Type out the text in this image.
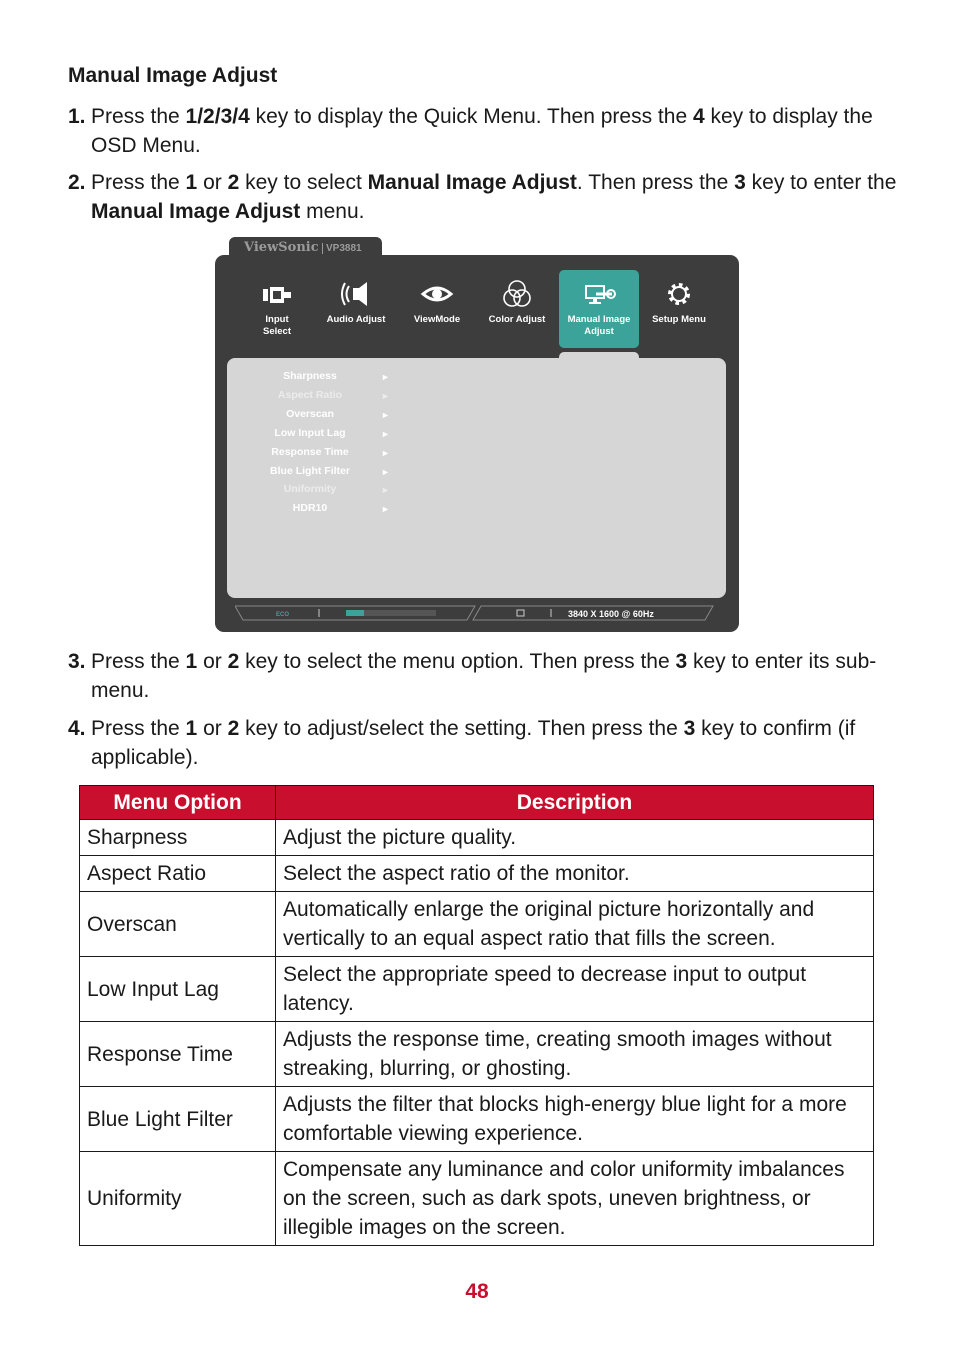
Manual Image Adjust
1. Press the 1/2/3/4 key to display the Quick Menu. Then press the 4 key to display the OSD Menu.
2. Press the 1 or 2 key to select Manual Image Adjust. Then press the 3 key to enter the Manual Image Adjust menu.
ViewSonic VP3881
Input
Select
Audio Adjust	ViewMode	Color Adjust	Manual Image
Adjust
Setup Menu
Sharpness	►
Aspect Ratio	►
Overscan	►
Low Input Lag	►
Response Time	►
Blue Light Filter	►
Uniformity	►
HDR10	►
ECO	3840 X 1600 @ 60Hz
3. Press the 1 or 2 key to select the menu option. Then press the 3 key to enter its sub-menu.
4. Press the 1 or 2 key to adjust/select the setting. Then press the 3 key to confirm (if applicable).
Menu Option	Description
Sharpness	Adjust the picture quality.
Aspect Ratio	Select the aspect ratio of the monitor.
Overscan	Automatically enlarge the original picture horizontally and vertically to an equal aspect ratio that fills the screen.
Low Input Lag	Select the appropriate speed to decrease input to output latency.
Response Time	Adjusts the response time, creating smooth images without streaking, blurring, or ghosting.
Blue Light Filter	Adjusts the filter that blocks high-energy blue light for a more comfortable viewing experience.
Uniformity	Compensate any luminance and color uniformity imbalances on the screen, such as dark spots, uneven brightness, or illegible images on the screen.
48
